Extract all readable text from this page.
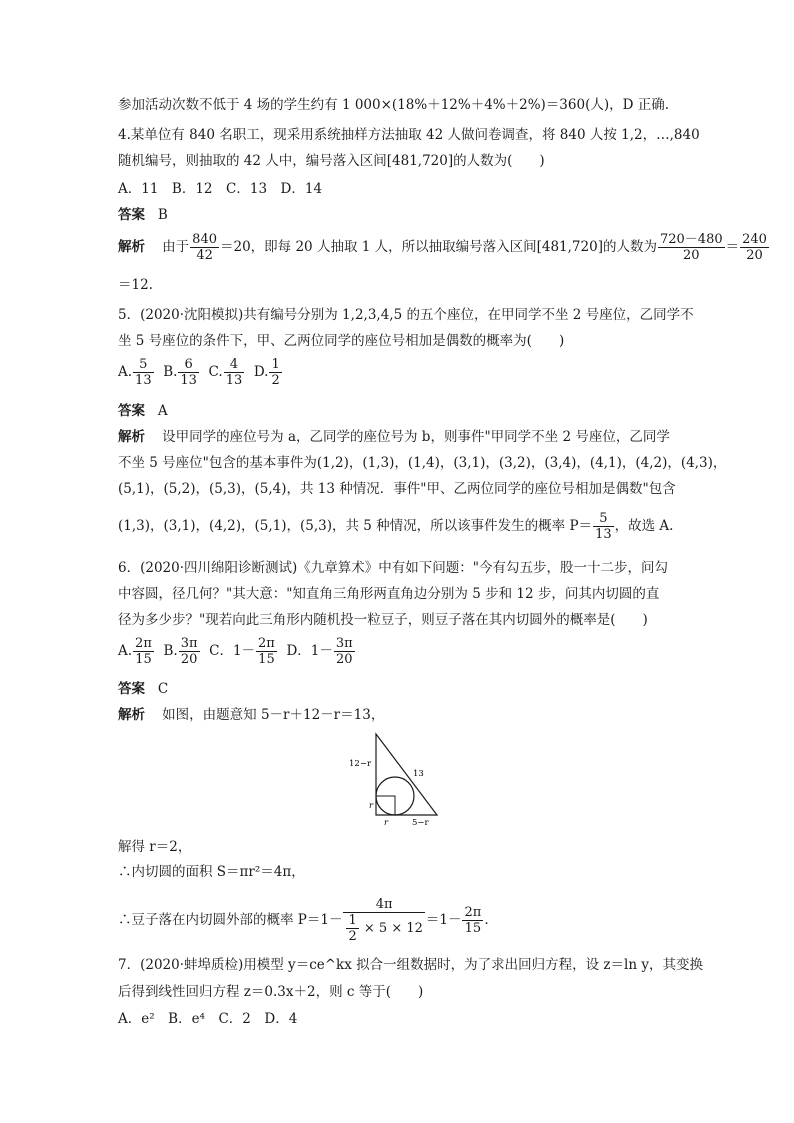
参加活动次数不低于 4 场的学生约有 1 000×(18%＋12%＋4%＋2%)＝360(人)，D 正确.
4.某单位有 840 名职工，现采用系统抽样方法抽取 42 人做问卷调查，将 840 人按 1,2，…,840
随机编号，则抽取的 42 人中，编号落入区间[481,720]的人数为(　　)
A．11　B．12　C．13　D．14
答案 B
解析 由于 $\frac{840}{42} =20$，即每 20 人抽取 1 人，所以抽取编号落入区间[481,720]的人数为 $\frac{720-480}{20} = \frac{240}{20}$
＝12.
5．(2020·沈阳模拟)共有编号分别为 1,2,3,4,5 的五个座位，在甲同学不坐 2 号座位，乙同学不
坐 5 号座位的条件下，甲、乙两位同学的座位号相加是偶数的概率为(　　)
A. $\frac{5}{13} B$. $\frac{6}{13} C$. $\frac{4}{13} D$. $\frac{1}{2}$
答案 A
解析 设甲同学的座位号为 a，乙同学的座位号为 b，则事件"甲同学不坐 2 号座位，乙同学
不坐 5 号座位"包含的基本事件为(1,2)，(1,3)，(1,4)，(3,1)，(3,2)，(3,4)，(4,1)，(4,2)，(4,3)，
(5,1)，(5,2)，(5,3)，(5,4)，共 13 种情况．事件"甲、乙两位同学的座位号相加是偶数"包含
(1,3)，(3,1)，(4,2)，(5,1)，(5,3)，共 5 种情况，所以该事件发生的概率 $P= \frac{5}{13}$ ，故选 A.
6．(2020·四川绵阳诊断测试)《九章算术》中有如下问题："今有勾五步，股一十二步，问勾
中容圆，径几何？"其大意："知直角三角形两直角边分别为 5 步和 12 步，问其内切圆的直
径为多少步？"现若向此三角形内随机投一粒豆子，则豆子落在其内切圆外的概率是(　　)
A. $\frac{2\pi}{15} B$. $\frac{3\pi}{20}$ C．$1- \frac{2\pi}{15}$ D．$1- \frac{3\pi}{20}$
答案 C
解析 如图，由题意知 5－r＋12－r＝13，
12−r
13
r
r	5−r
解得 r＝2，
∴内切圆的面积 S＝πr²＝4π，
∴豆子落在内切圆外部的概率 $P=1- \frac{4\pi}{\frac{1}{2} \times 5 \times 12} =1- \frac{2\pi}{15}$ .
7．(2020·蚌埠质检)用模型 y＝ce^kx 拟合一组数据时，为了求出回归方程，设 z＝ln y，其变换
后得到线性回归方程 z＝0.3x＋2，则 c 等于(　　)
A．e²　B．e⁴　C．2　D．4
